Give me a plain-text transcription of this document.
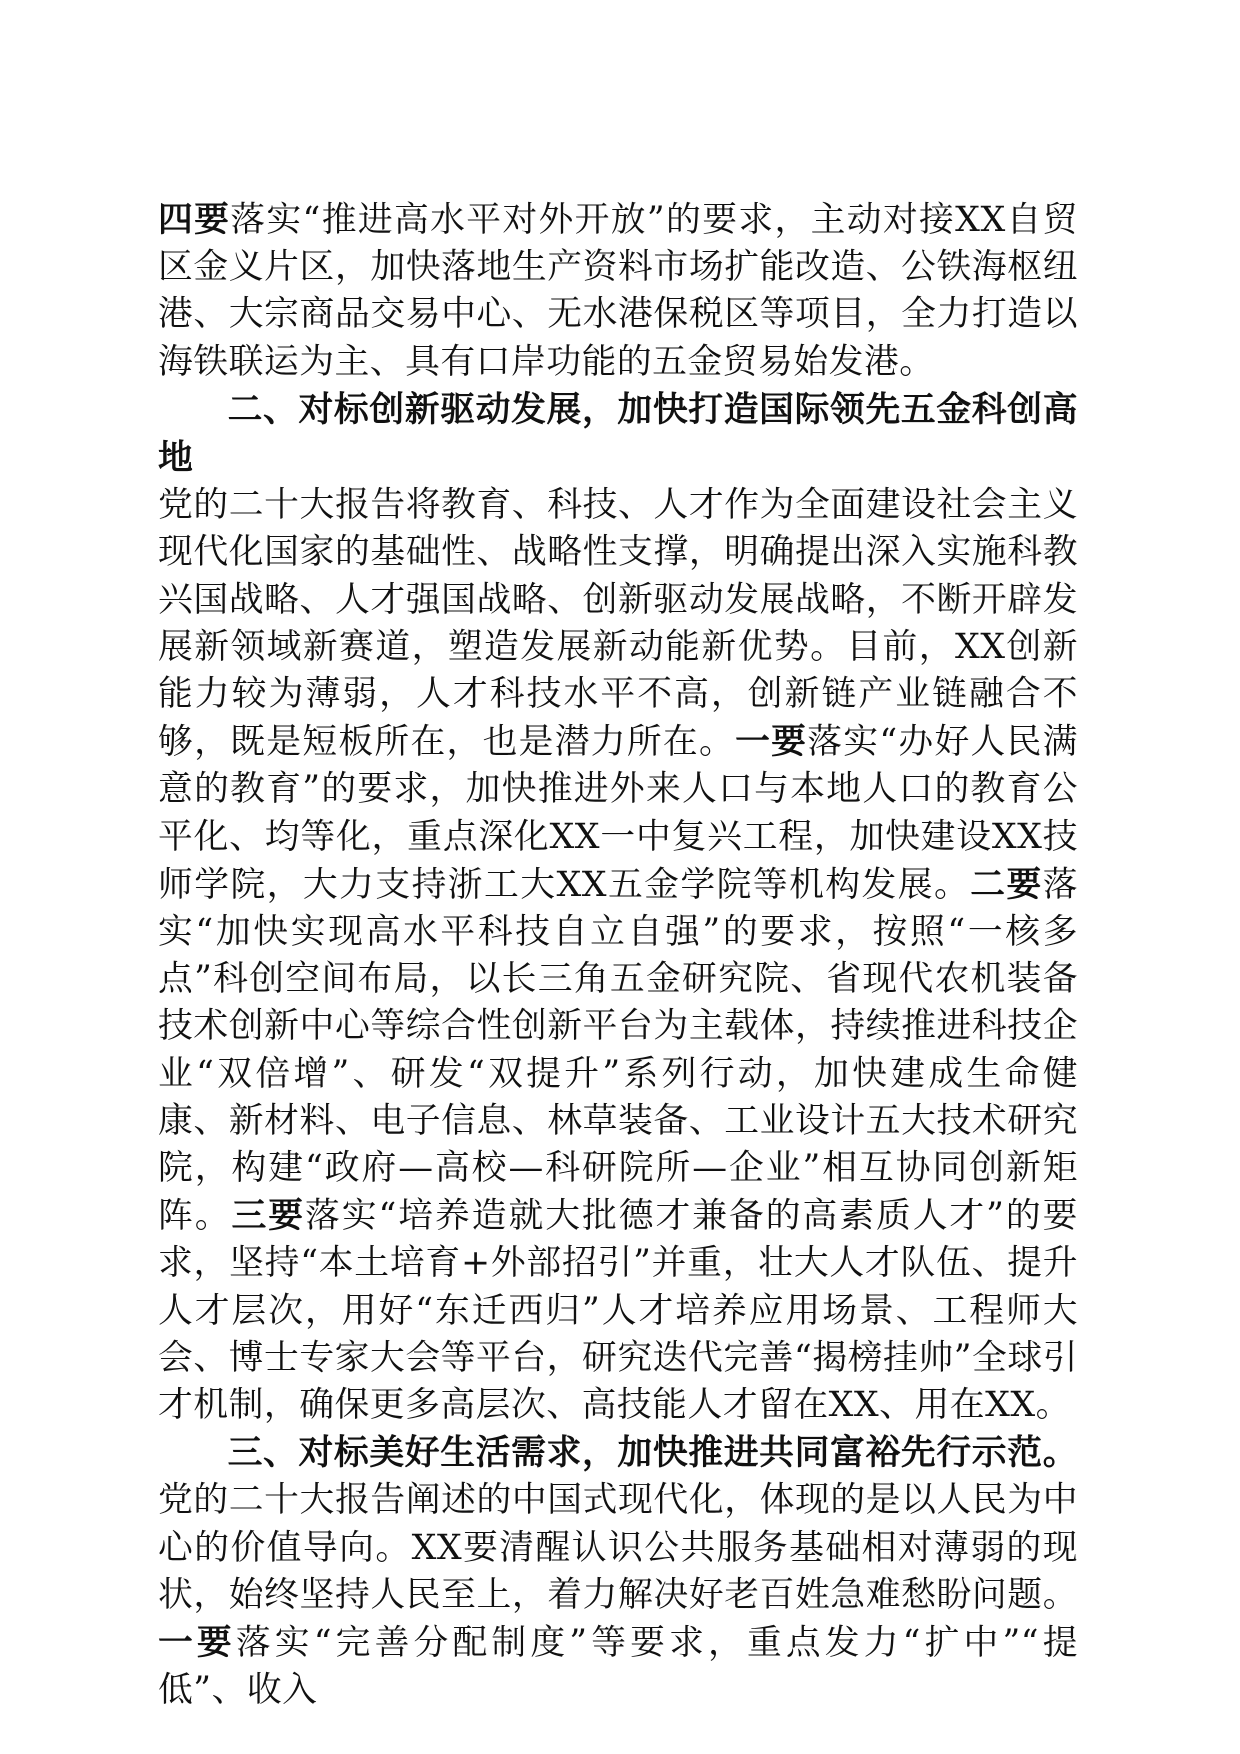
四要落实“推进高水平对外开放”的要求，主动对接XX自贸区金义片区，加快落地生产资料市场扩能改造、公铁海枢纽港、大宗商品交易中心、无水港保税区等项目，全力打造以海铁联运为主、具有口岸功能的五金贸易始发港。

二、对标创新驱动发展，加快打造国际领先五金科创高地

党的二十大报告将教育、科技、人才作为全面建设社会主义现代化国家的基础性、战略性支撑，明确提出深入实施科教兴国战略、人才强国战略、创新驱动发展战略，不断开辟发展新领域新赛道，塑造发展新动能新优势。目前，XX创新能力较为薄弱，人才科技水平不高，创新链产业链融合不够，既是短板所在，也是潜力所在。一要落实“办好人民满意的教育”的要求，加快推进外来人口与本地人口的教育公平化、均等化，重点深化XX一中复兴工程，加快建设XX技师学院，大力支持浙工大XX五金学院等机构发展。二要落实“加快实现高水平科技自立自强”的要求，按照“一核多点”科创空间布局，以长三角五金研究院、省现代农机装备技术创新中心等综合性创新平台为主载体，持续推进科技企业“双倍增”、研发“双提升”系列行动，加快建成生命健康、新材料、电子信息、林草装备、工业设计五大技术研究院，构建“政府—高校—科研院所—企业”相互协同创新矩阵。三要落实“培养造就大批德才兼备的高素质人才”的要求，坚持“本土培育+外部招引”并重，壮大人才队伍、提升人才层次，用好“东迁西归”人才培养应用场景、工程师大会、博士专家大会等平台，研究迭代完善“揭榜挂帅”全球引才机制，确保更多高层次、高技能人才留在XX、用在XX。

三、对标美好生活需求，加快推进共同富裕先行示范。党的二十大报告阐述的中国式现代化，体现的是以人民为中心的价值导向。XX要清醒认识公共服务基础相对薄弱的现状，始终坚持人民至上，着力解决好老百姓急难愁盼问题。一要落实“完善分配制度”等要求，重点发力“扩中”“提低”、收入
